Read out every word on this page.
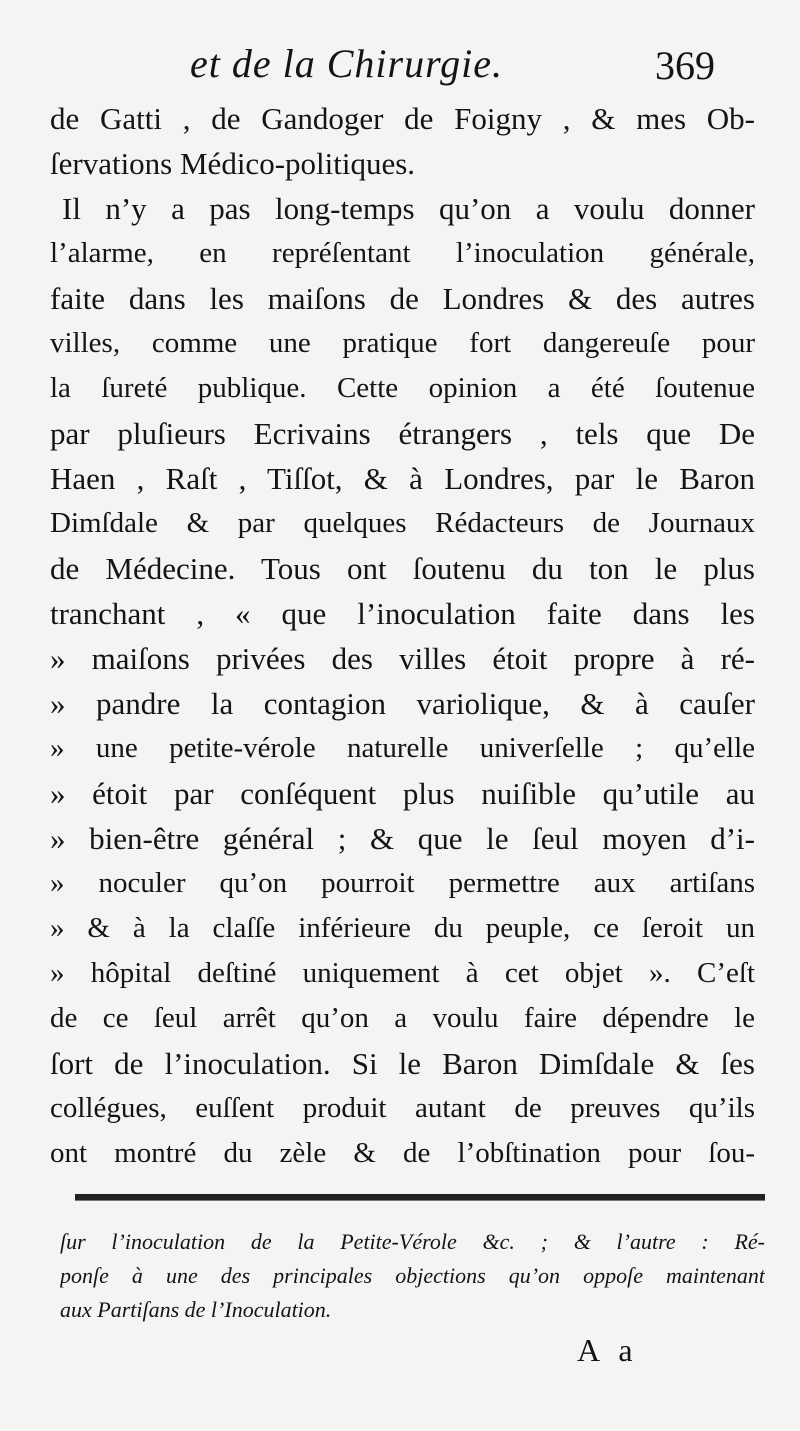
et de la Chirurgie.	369
de Gatti , de Gandoger de Foigny , & mes Ob-
ſervations Médico-politiques.
Il n’y a pas long-temps qu’on a voulu donner
l’alarme, en repréſentant l’inoculation générale,
faite dans les maiſons de Londres & des autres
villes, comme une pratique fort dangereuſe pour
la ſureté publique. Cette opinion a été ſoutenue
par pluſieurs Ecrivains étrangers , tels que De
Haen , Raſt , Tiſſot, & à Londres, par le Baron
Dimſdale & par quelques Rédacteurs de Journaux
de Médecine. Tous ont ſoutenu du ton le plus
tranchant , « que l’inoculation faite dans les
» maiſons privées des villes étoit propre à ré-
» pandre la contagion variolique, & à cauſer
» une petite-vérole naturelle univerſelle ; qu’elle
» étoit par conſéquent plus nuiſible qu’utile au
» bien-être général ; & que le ſeul moyen d’i-
» noculer qu’on pourroit permettre aux artiſans
» & à la claſſe inférieure du peuple, ce ſeroit un
» hôpital deſtiné uniquement à cet objet ». C’eſt
de ce ſeul arrêt qu’on a voulu faire dépendre le
ſort de l’inoculation. Si le Baron Dimſdale & ſes
collégues, euſſent produit autant de preuves qu’ils
ont montré du zèle & de l’obſtination pour ſou-
ſur l’inoculation de la Petite-Vérole &c. ; & l’autre : Ré-
ponſe à une des principales objections qu’on oppoſe maintenant
aux Partiſans de l’Inoculation.
A a
